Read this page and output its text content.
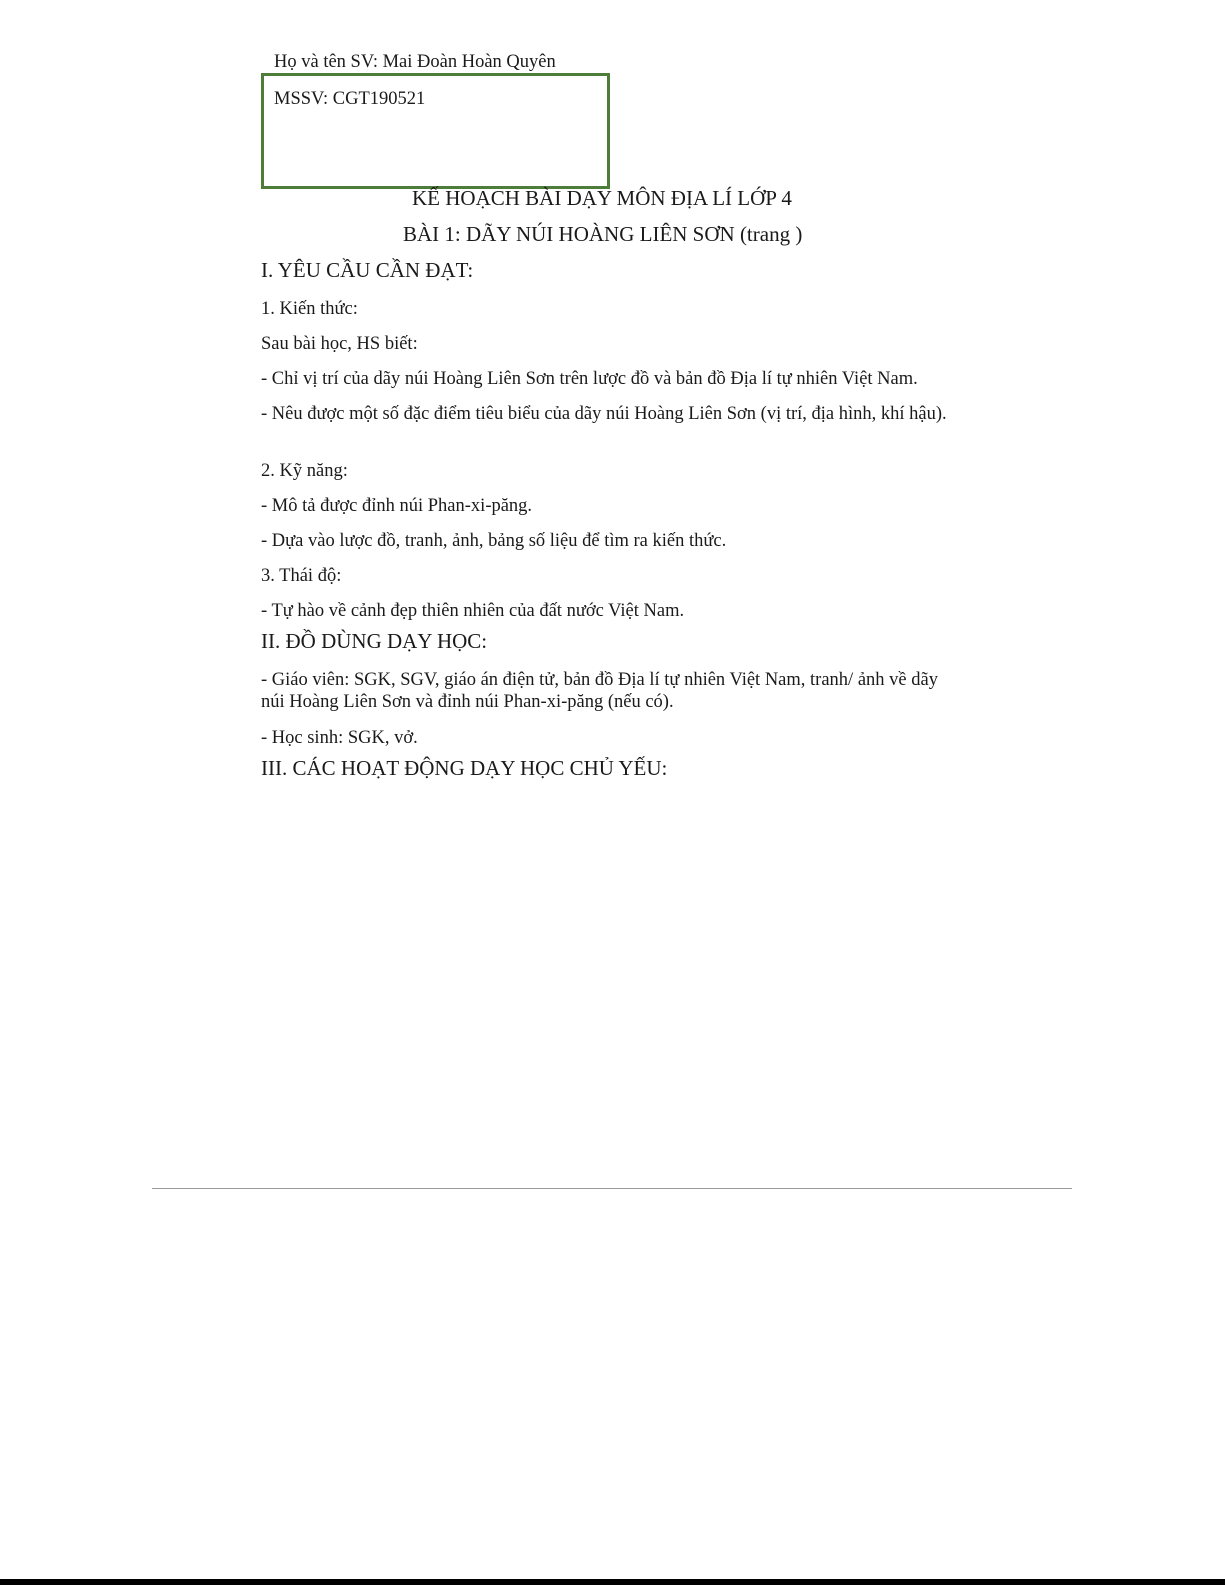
Họ và tên SV: Mai Đoàn Hoàn Quyên
MSSV: CGT190521
KẾ HOẠCH BÀI DẠY MÔN ĐỊA LÍ LỚP 4
BÀI 1: DÃY NÚI HOÀNG LIÊN SƠN (trang )
I. YÊU CẦU CẦN ĐẠT:
1. Kiến thức:
Sau bài học, HS biết:
- Chỉ vị trí của dãy núi Hoàng Liên Sơn trên lược đồ và bản đồ Địa lí tự nhiên Việt Nam.
- Nêu được một số đặc điểm tiêu biểu của dãy núi Hoàng Liên Sơn (vị trí, địa hình, khí hậu).
2. Kỹ năng:
- Mô tả được đỉnh núi Phan-xi-păng.
- Dựa vào lược đồ, tranh, ảnh, bảng số liệu để tìm ra kiến thức.
3. Thái độ:
- Tự hào về cảnh đẹp thiên nhiên của đất nước Việt Nam.
II. ĐỒ DÙNG DẠY HỌC:
- Giáo viên: SGK, SGV, giáo án điện tử, bản đồ Địa lí tự nhiên Việt Nam, tranh/ ảnh về dãy núi Hoàng Liên Sơn và đỉnh núi Phan-xi-păng (nếu có).
- Học sinh: SGK, vở.
III. CÁC HOẠT ĐỘNG DẠY HỌC CHỦ YẾU:
